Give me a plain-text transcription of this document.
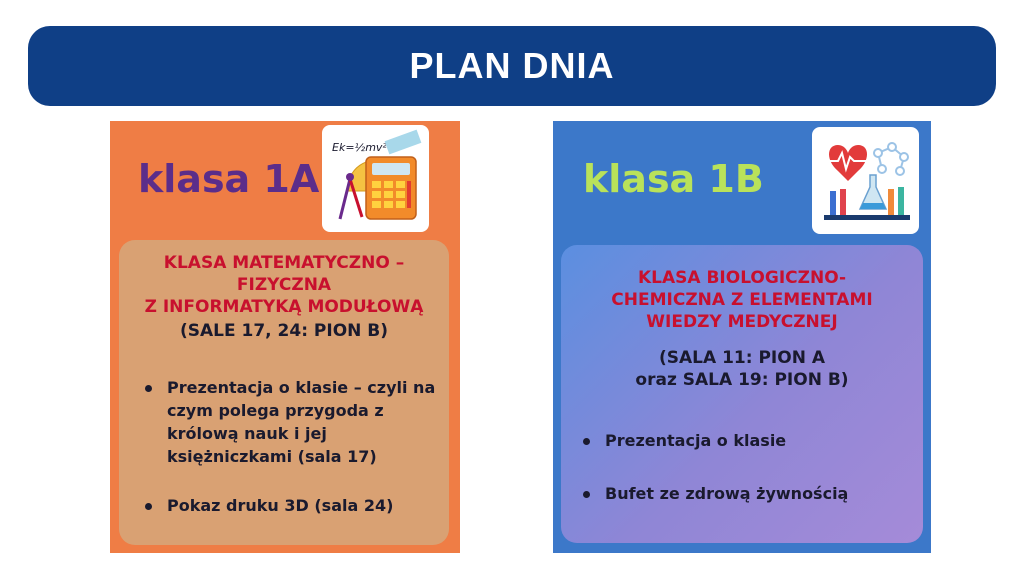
PLAN DNIA
klasa 1A
Ek=½mv²
KLASA MATEMATYCZNO –
FIZYCZNA
Z INFORMATYKĄ MODUŁOWĄ
(SALE 17, 24: PION B)
Prezentacja o klasie – czyli na czym polega przygoda z królową nauk i jej księżniczkami (sala 17)
Pokaz druku 3D (sala 24)
klasa 1B
KLASA BIOLOGICZNO-
CHEMICZNA Z ELEMENTAMI
WIEDZY MEDYCZNEJ
(SALA 11: PION A
oraz SALA 19: PION B)
Prezentacja o klasie
Bufet ze zdrową żywnością
